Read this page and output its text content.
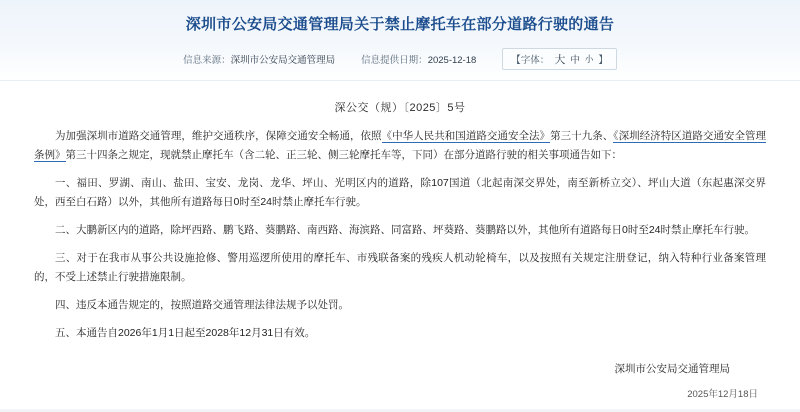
深圳市公安局交通管理局关于禁止摩托车在部分道路行驶的通告
信息来源：深圳市公安局交通管理局	信息提供日期：2025-12-18	【字体： 大 中 小 】
深公交（规）〔2025〕5号

为加强深圳市道路交通管理，维护交通秩序，保障交通安全畅通，依照《中华人民共和国道路交通安全法》第三十九条、《深圳经济特区道路交通安全管理条例》第三十四条之规定，现就禁止摩托车（含二轮、正三轮、侧三轮摩托车等，下同）在部分道路行驶的相关事项通告如下：

一、福田、罗湖、南山、盐田、宝安、龙岗、龙华、坪山、光明区内的道路，除107国道（北起南深交界处，南至新桥立交）、坪山大道（东起惠深交界处，西至白石路）以外，其他所有道路每日0时至24时禁止摩托车行驶。

二、大鹏新区内的道路，除坪西路、鹏飞路、葵鹏路、南西路、海滨路、同富路、坪葵路、葵鹏路以外，其他所有道路每日0时至24时禁止摩托车行驶。

三、对于在我市从事公共设施抢修、警用巡逻所使用的摩托车、市残联备案的残疾人机动轮椅车，以及按照有关规定注册登记，纳入特种行业备案管理的，不受上述禁止行驶措施限制。

四、违反本通告规定的，按照道路交通管理法律法规予以处罚。

五、本通告自2026年1月1日起至2028年12月31日有效。

深圳市公安局交通管理局
2025年12月18日
